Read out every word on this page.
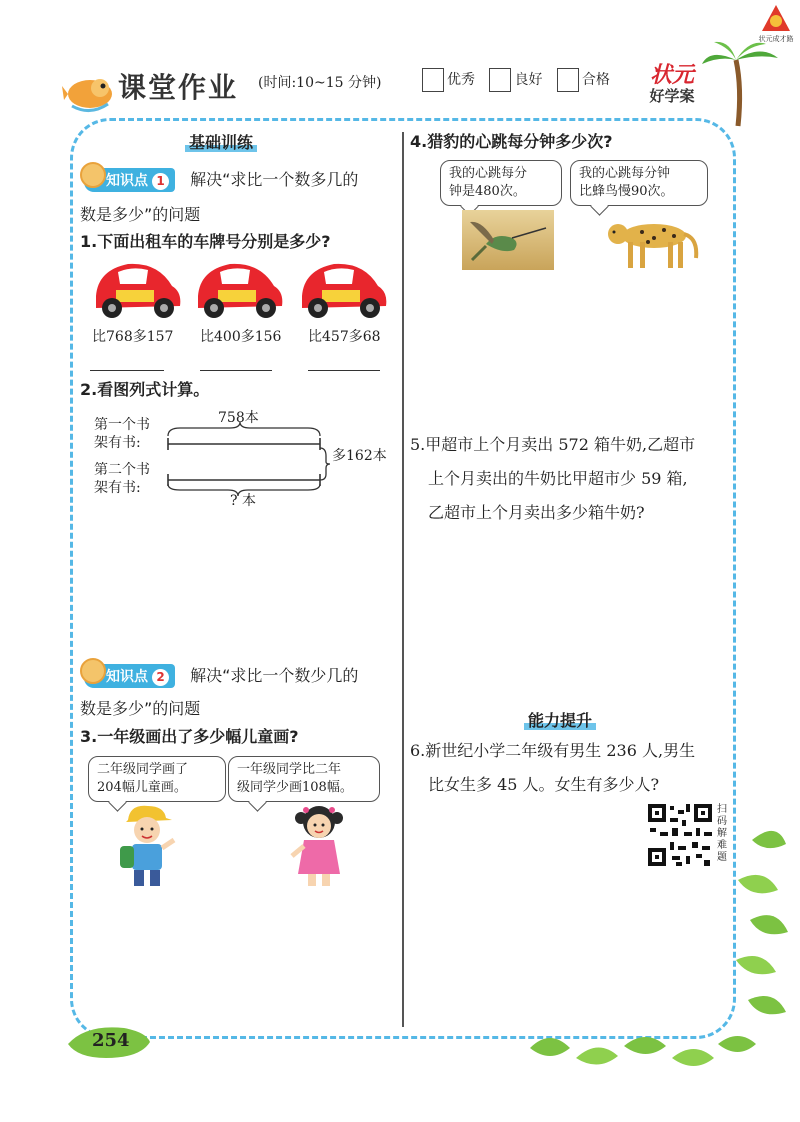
课堂作业 (时间:10~15 分钟)	优秀	良好	合格	状元
好学案
状元成才路
基础训练
知识点 1 解决“求比一个数多几的
数是多少”的问题
1.下面出租车的车牌号分别是多少?
比768多157 比400多156 比457多68
2.看图列式计算。
第一个书
架有书:
第二个书
架有书:
758本
多162本
? 本
知识点 2 解决“求比一个数少几的
数是多少”的问题
3.一年级画出了多少幅儿童画?
二年级同学画了
204幅儿童画。
一年级同学比二年
级同学少画108幅。
4.猎豹的心跳每分钟多少次?
我的心跳每分
钟是480次。
我的心跳每分钟
比蜂鸟慢90次。
5.甲超市上个月卖出 572 箱牛奶,乙超市
上个月卖出的牛奶比甲超市少 59 箱,
乙超市上个月卖出多少箱牛奶?
能力提升
6.新世纪小学二年级有男生 236 人,男生
比女生多 45 人。女生有多少人?
扫码解难题
254
